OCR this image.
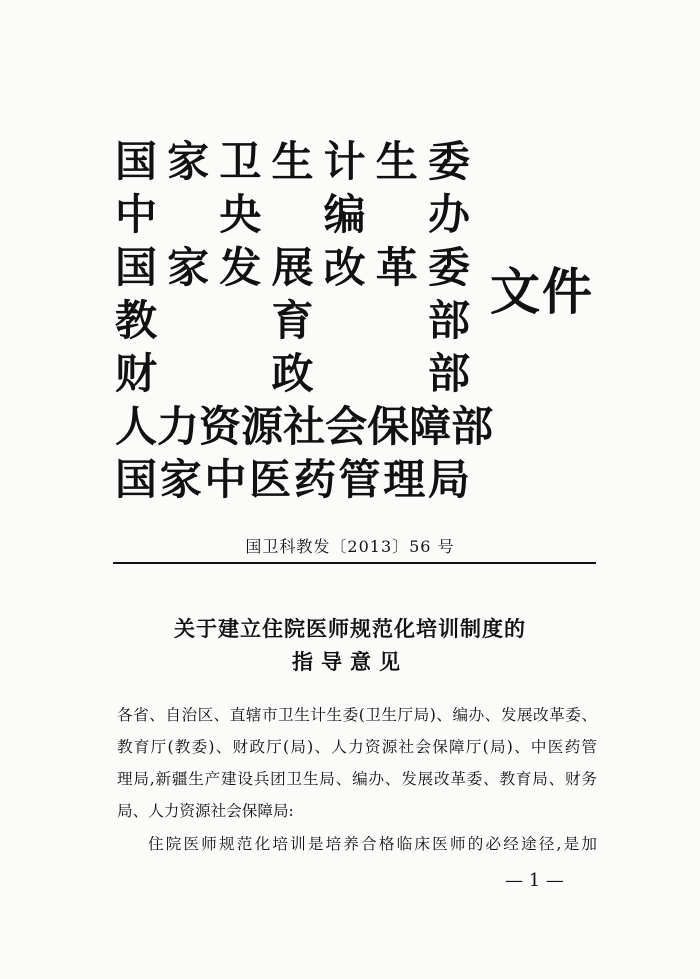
国 家 卫 生 计 生 委
中 央 编 办
国 家 发 展 改 革 委
教	育	部
财	政	部
人 力 资 源 社 会 保 障 部
国 家 中 医 药 管 理 局
文件
国卫科教发〔2013〕56 号
关于建立住院医师规范化培训制度的
指导意见
各省、自治区、直辖市卫生计生委(卫生厅局)、编办、发展改革委、
教育厅(教委)、财政厅(局)、人力资源社会保障厅(局)、中医药管
理局,新疆生产建设兵团卫生局、编办、发展改革委、教育局、财务
局、人力资源社会保障局:
住院医师规范化培训是培养合格临床医师的必经途径,是加
— 1 —
